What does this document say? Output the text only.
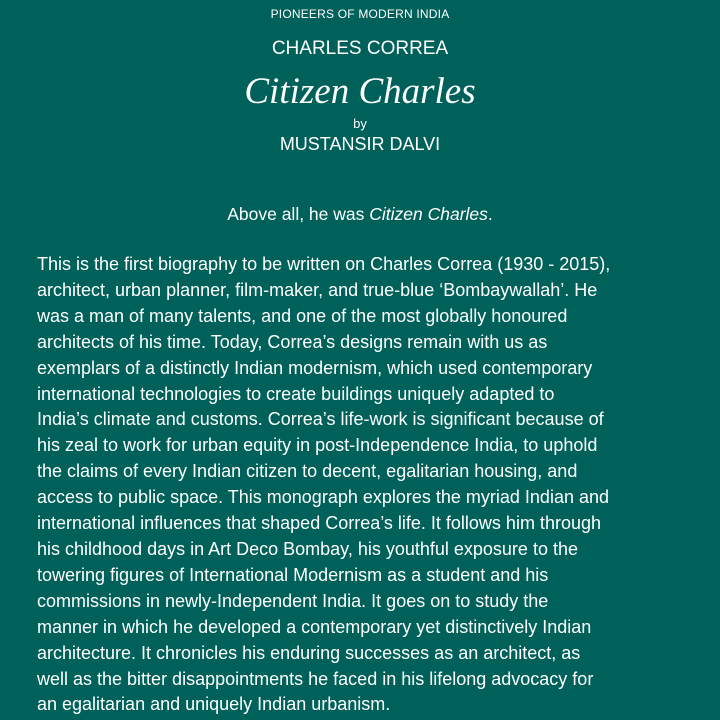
PIONEERS OF MODERN INDIA
CHARLES CORREA
Citizen Charles
by
MUSTANSIR DALVI
Above all, he was Citizen Charles.
This is the first biography to be written on Charles Correa (1930 - 2015),
architect, urban planner, film-maker, and true-blue ‘Bombaywallah’. He
was a man of many talents, and one of the most globally honoured
architects of his time. Today, Correa’s designs remain with us as
exemplars of a distinctly Indian modernism, which used contemporary
international technologies to create buildings uniquely adapted to
India’s climate and customs. Correa’s life-work is significant because of
his zeal to work for urban equity in post-Independence India, to uphold
the claims of every Indian citizen to decent, egalitarian housing, and
access to public space. This monograph explores the myriad Indian and
international influences that shaped Correa’s life. It follows him through
his childhood days in Art Deco Bombay, his youthful exposure to the
towering figures of International Modernism as a student and his
commissions in newly-Independent India. It goes on to study the
manner in which he developed a contemporary yet distinctively Indian
architecture. It chronicles his enduring successes as an architect, as
well as the bitter disappointments he faced in his lifelong advocacy for
an egalitarian and uniquely Indian urbanism.
